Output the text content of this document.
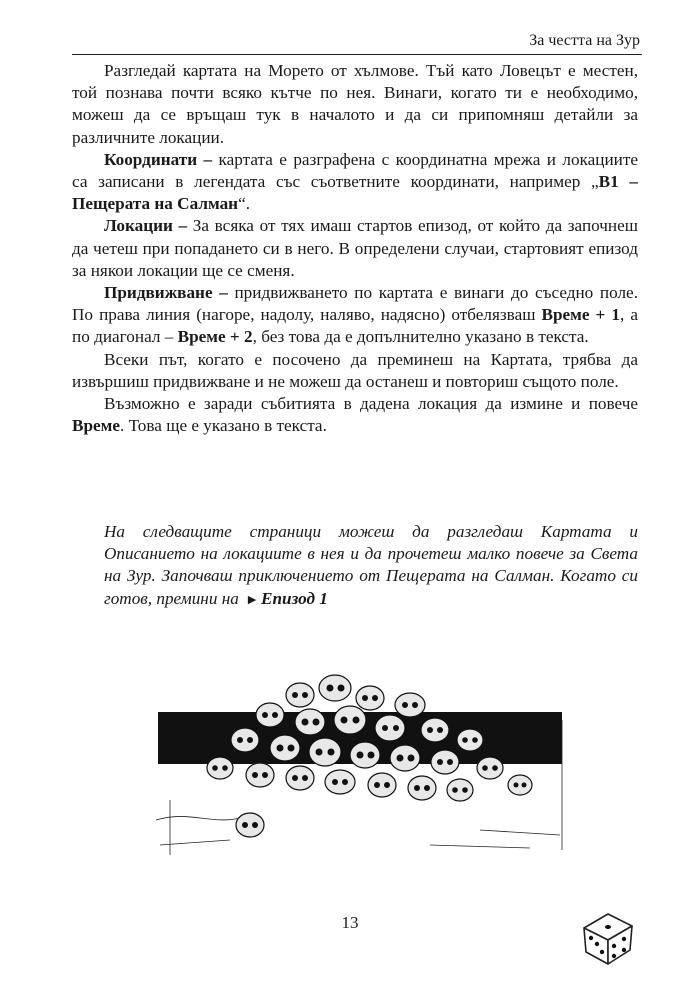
За честта на Зур

Разгледай картата на Морето от хълмове. Тъй като Ловецът е местен, той познава почти всяко кътче по нея. Винаги, когато ти е необходимо, можеш да се връщаш тук в началото и да си припомняш детайли за различните локации.

Координати – картата е разграфена с координатна мрежа и локациите са записани в легендата със съответните координати, например „B1 – Пещерата на Салман“.

Локации – За всяка от тях имаш стартов епизод, от който да започнеш да четеш при попадането си в него. В определени случаи, стартовият епизод за някои локации ще се сменя.

Придвижване – придвижването по картата е винаги до съседно поле. По права линия (нагоре, надолу, наляво, надясно) отбелязваш Време + 1, а по диагонал – Време + 2, без това да е допълнително указано в текста.

Всеки път, когато е посочено да преминеш на Картата, трябва да извършиш придвижване и не можеш да останеш и повториш същото поле.

Възможно е заради събитията в дадена локация да измине и повече Време. Това ще е указано в текста.

На следващите страници можеш да разгледаш Картата и Описанието на локациите в нея и да прочетеш малко повече за Света на Зур. Започваш приключението от Пещерата на Салман. Когато си готов, премини на ► Епизод 1
13
